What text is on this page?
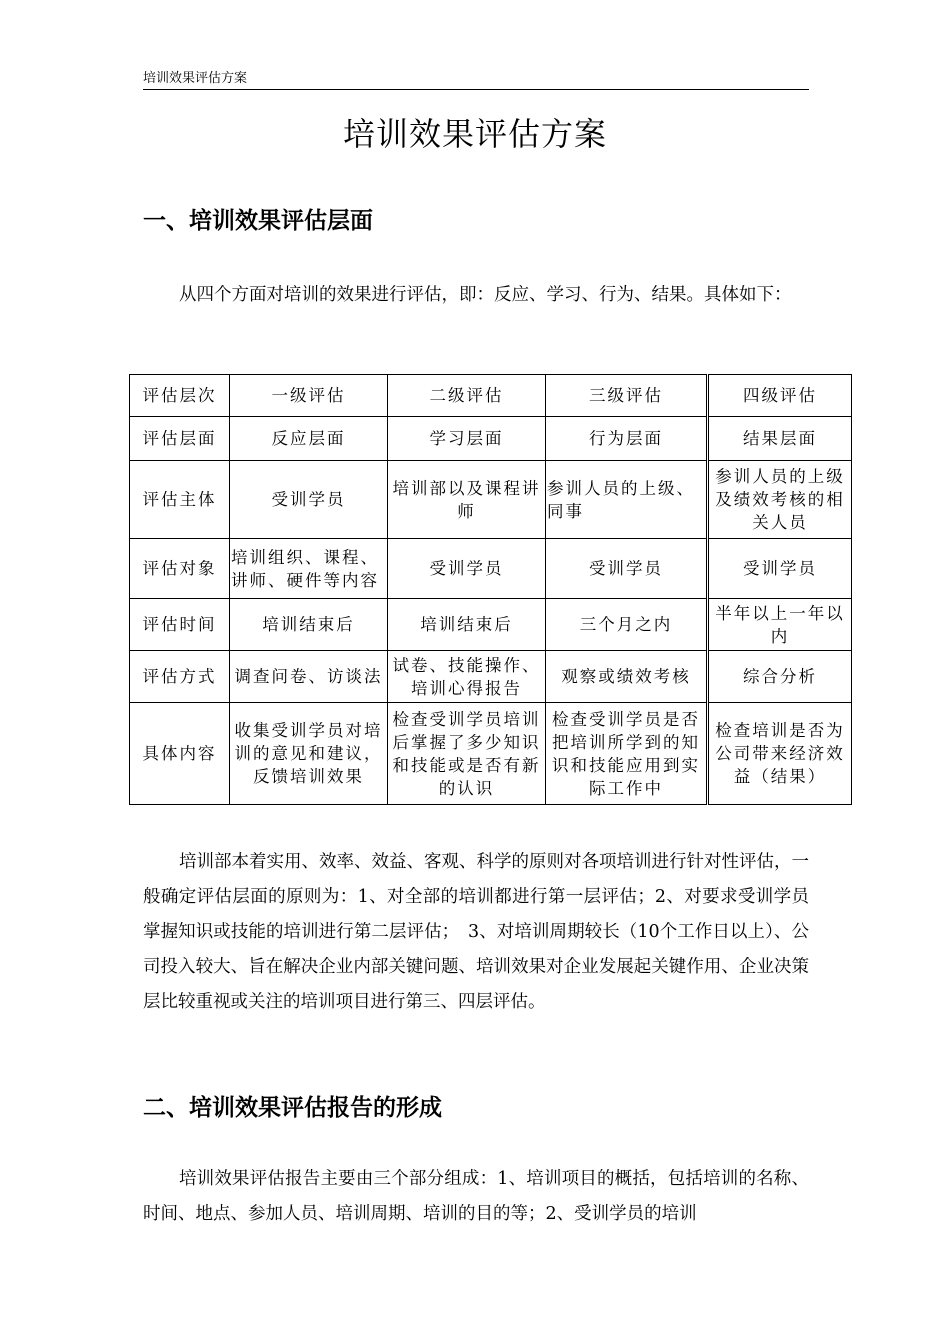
培训效果评估方案
培训效果评估方案
一、培训效果评估层面
从四个方面对培训的效果进行评估，即：反应、学习、行为、结果。具体如下：
评估层次	一级评估	二级评估	三级评估	四级评估
评估层面	反应层面	学习层面	行为层面	结果层面
评估主体	受训学员	培训部以及课程讲师	参训人员的上级、同事	参训人员的上级及绩效考核的相关人员
评估对象	培训组织、课程、讲师、硬件等内容	受训学员	受训学员	受训学员
评估时间	培训结束后	培训结束后	三个月之内	半年以上一年以内
评估方式	调查问卷、访谈法	试卷、技能操作、培训心得报告	观察或绩效考核	综合分析
具体内容	收集受训学员对培训的意见和建议，反馈培训效果	检查受训学员培训后掌握了多少知识和技能或是否有新的认识	检查受训学员是否把培训所学到的知识和技能应用到实际工作中	检查培训是否为公司带来经济效益（结果）
培训部本着实用、效率、效益、客观、科学的原则对各项培训进行针对性评估，一般确定评估层面的原则为：1、对全部的培训都进行第一层评估；2、对要求受训学员掌握知识或技能的培训进行第二层评估；　3、对培训周期较长（10个工作日以上）、公司投入较大、旨在解决企业内部关键问题、培训效果对企业发展起关键作用、企业决策层比较重视或关注的培训项目进行第三、四层评估。
二、培训效果评估报告的形成
培训效果评估报告主要由三个部分组成：1、培训项目的概括，包括培训的名称、时间、地点、参加人员、培训周期、培训的目的等；2、受训学员的培训
